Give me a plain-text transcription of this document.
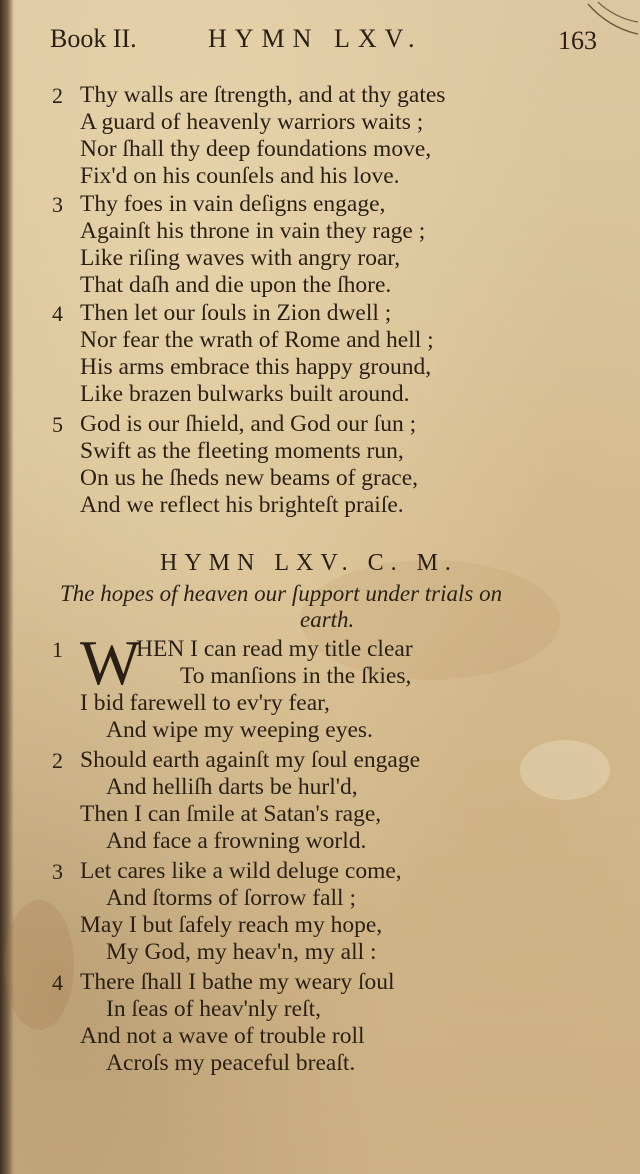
Book II.	HYMN LXV.	163
2 Thy walls are ſtrength, and at thy gates
A guard of heavenly warriors waits ;
Nor ſhall thy deep foundations move,
Fix'd on his counſels and his love.
3 Thy foes in vain deſigns engage,
Againſt his throne in vain they rage ;
Like riſing waves with angry roar,
That daſh and die upon the ſhore.
4 Then let our ſouls in Zion dwell ;
Nor fear the wrath of Rome and hell ;
His arms embrace this happy ground,
Like brazen bulwarks built around.
5 God is our ſhield, and God our ſun ;
Swift as the fleeting moments run,
On us he ſheds new beams of grace,
And we reflect his brighteſt praiſe.
HYMN LXV. C. M.
The hopes of heaven our ſupport under trials on
earth.
1 W
HEN I can read my title clear
To manſions in the ſkies,
I bid farewell to ev'ry fear,
And wipe my weeping eyes.
2 Should earth againſt my ſoul engage
And helliſh darts be hurl'd,
Then I can ſmile at Satan's rage,
And face a frowning world.
3 Let cares like a wild deluge come,
And ſtorms of ſorrow fall ;
May I but ſafely reach my hope,
My God, my heav'n, my all :
4 There ſhall I bathe my weary ſoul
In ſeas of heav'nly reſt,
And not a wave of trouble roll
Acroſs my peaceful breaſt.
